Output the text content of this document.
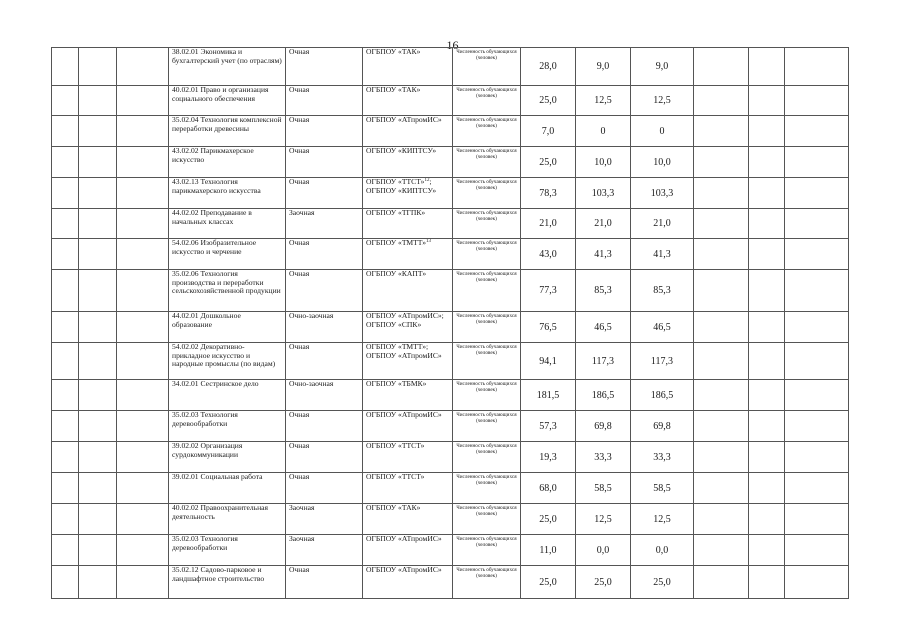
16
			38.02.01 Экономика и бухгалтерский учет (по отраслям)	Очная	ОГБПОУ «ТАК»	Численность обучающихся (человек)	28,0	9,0	9,0			
			40.02.01 Право и организация социального обеспечения	Очная	ОГБПОУ «ТАК»	Численность обучающихся (человек)	25,0	12,5	12,5			
			35.02.04 Технология комплексной переработки древесины	Очная	ОГБПОУ «АТпромИС»	Численность обучающихся (человек)	7,0	0	0			
			43.02.02 Парикмахерское искусство	Очная	ОГБПОУ «КИПТСУ»	Численность обучающихся (человек)	25,0	10,0	10,0			
			43.02.13 Технология парикмахерского искусства	Очная	ОГБПОУ «ТТСТ»$^{12}$; ОГБПОУ «КИПТСУ»	Численность обучающихся (человек)	78,3	103,3	103,3			
			44.02.02 Преподавание в начальных классах	Заочная	ОГБПОУ «ТГПК»	Численность обучающихся (человек)	21,0	21,0	21,0			
			54.02.06 Изобразительное искусство и черчение	Очная	ОГБПОУ «ТМТТ»$^{13}$	Численность обучающихся (человек)	43,0	41,3	41,3			
			35.02.06 Технология производства и переработки сельскохозяйственной продукции	Очная	ОГБПОУ «КАПТ»	Численность обучающихся (человек)	77,3	85,3	85,3			
			44.02.01 Дошкольное образование	Очно-заочная	ОГБПОУ «АТпромИС»; ОГБПОУ «СПК»	Численность обучающихся (человек)	76,5	46,5	46,5			
			54.02.02 Декоративно-прикладное искусство и народные промыслы (по видам)	Очная	ОГБПОУ «ТМТТ»; ОГБПОУ «АТпромИС»	Численность обучающихся (человек)	94,1	117,3	117,3			
			34.02.01 Сестринское дело	Очно-заочная	ОГБПОУ «ТБМК»	Численность обучающихся (человек)	181,5	186,5	186,5			
			35.02.03 Технология деревообработки	Очная	ОГБПОУ «АТпромИС»	Численность обучающихся (человек)	57,3	69,8	69,8			
			39.02.02 Организация сурдокоммуникации	Очная	ОГБПОУ «ТТСТ»	Численность обучающихся (человек)	19,3	33,3	33,3			
			39.02.01 Социальная работа	Очная	ОГБПОУ «ТТСТ»	Численность обучающихся (человек)	68,0	58,5	58,5			
			40.02.02 Правоохранительная деятельность	Заочная	ОГБПОУ «ТАК»	Численность обучающихся (человек)	25,0	12,5	12,5			
			35.02.03 Технология деревообработки	Заочная	ОГБПОУ «АТпромИС»	Численность обучающихся (человек)	11,0	0,0	0,0			
			35.02.12 Садово-парковое и ландшафтное строительство	Очная	ОГБПОУ «АТпромИС»	Численность обучающихся (человек)	25,0	25,0	25,0			
